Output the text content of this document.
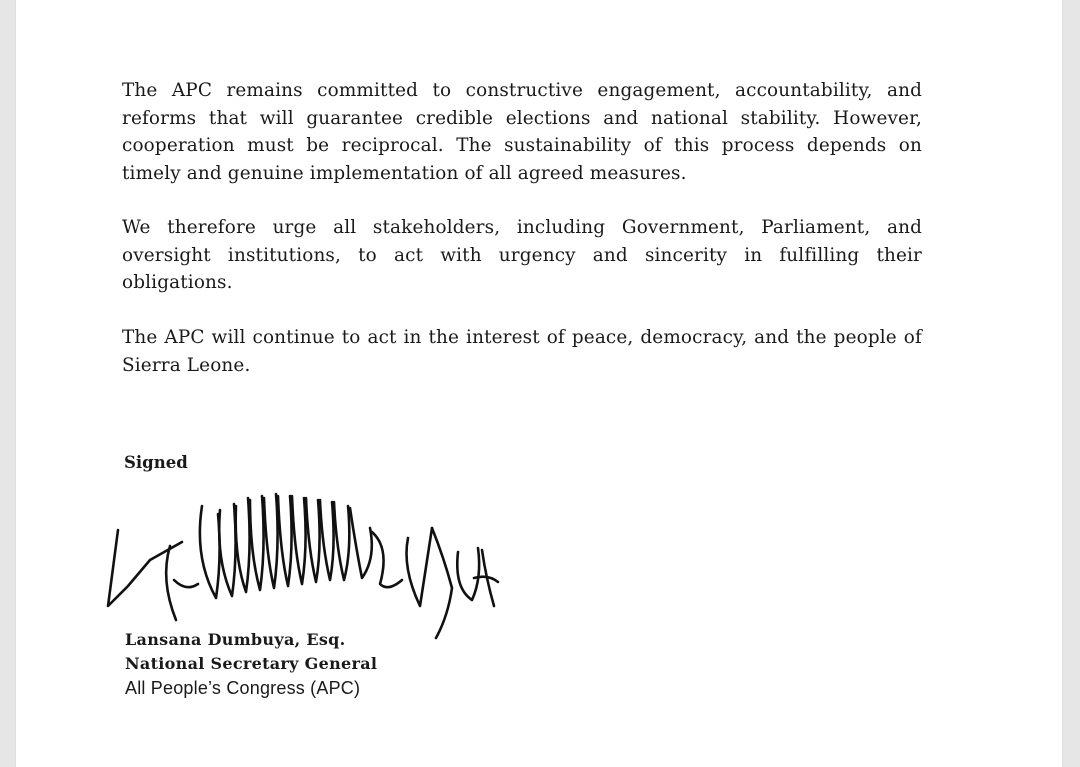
The APC remains committed to constructive engagement, accountability, and reforms that will guarantee credible elections and national stability. However, cooperation must be reciprocal. The sustainability of this process depends on timely and genuine implementation of all agreed measures.

We therefore urge all stakeholders, including Government, Parliament, and oversight institutions, to act with urgency and sincerity in fulfilling their obligations.

The APC will continue to act in the interest of peace, democracy, and the people of Sierra Leone.

Signed
Lansana Dumbuya, Esq.
National Secretary General
All People’s Congress (APC)
